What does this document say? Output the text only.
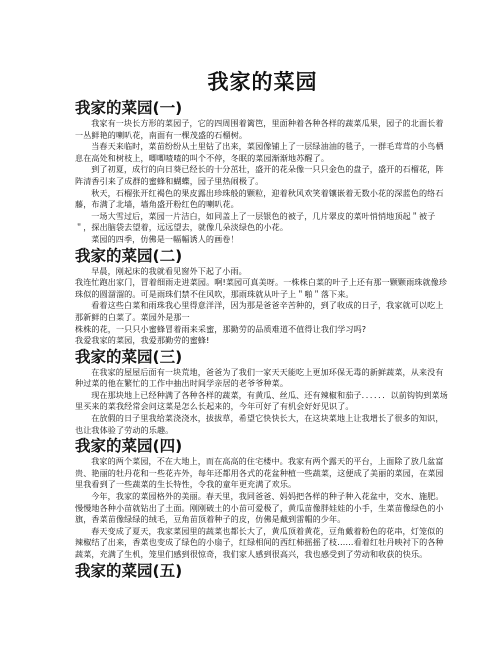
我家的菜园
我家的菜园(一)

我家有一块长方形的菜园子，它的四周围着篱笆，里面种着各种各样的蔬菜瓜果，园子的北面长着一丛鲜艳的喇叭花，南面有一棵茂盛的石榴树。

当春天来临时，菜苗纷纷从土里钻了出来，菜园像铺上了一层绿油油的毯子，一群毛茸茸的小鸟栖息在高处和树枝上，唧唧喳喳的叫个不停，冬眠的菜园渐渐地苏醒了。

到了初夏，成行的向日葵已经长的十分茁壮，盛开的花朵像一只只金色的盘子，盛开的石榴花，阵阵清香引来了成群的蜜蜂和蝴蝶，园子里热闹极了。

秋天，石榴张开红褐色的果皮露出珍珠般的颗粒，迎着秋风欢笑着镶嵌着无数小花的深蓝色的络石藤，布满了北墙，墙角盛开粉红色的喇叭花。

一场大雪过后，菜园一片洁白，如同盖上了一层银色的被子，几片翠皮的菜叶悄悄地顶起＂被子＂，探出脑袋去望着，远远望去，就像几朵淡绿色的小花。

菜园的四季，仿佛是一幅幅诱人的画卷！

我家的菜园(二)

早晨，刚起床的我就看见窗外下起了小雨。

我连忙跑出家门，冒着细雨走进菜园。啊!菜园可真美呀。一株株白菜的叶子上还有那一颗颗雨珠就像珍珠似的圆溜溜的。可是雨珠们禁不住风吹，那雨珠就从叶子上＂啪＂落下来。

看着这些白菜和雨珠我心里得意洋洋，因为那是爸爸辛苦种的，到了收成的日子，我家就可以吃上那新鲜的白菜了。菜园外是那一

株株的花，一只只小蜜蜂冒着雨来采蜜，那勤劳的品质难道不值得让我们学习吗?

我爱我家的菜园，我爱那勤劳的蜜蜂!

我家的菜园(三)

在我家的屋屋后面有一块荒地，爸爸为了我们一家天天能吃上更加环保无毒的新鲜蔬菜，从来没有种过菜的他在繁忙的工作中抽出时间学亲居的老爷爷种菜。

现在那块地上已经种满了各种各样的蔬菜，有黄瓜、丝瓜、还有辣椒和茄子．．．．．．以前钩钩到菜场里买来的菜我经常会问这菜是怎么长起来的，今年可好了有机会好好见识了。

在放假的日子里我给菜浇浇水，拔拔草，希望它快快长大，在这块菜地上让我增长了很多的知识，也让我体验了劳动的乐趣。

我家的菜园(四)

我家的两个菜园，不在大地上，而在高高的住宅楼中。我家有两个露天的平台，上面除了放几盆富贵、艳丽的牡丹花和一些花卉外，每年还都用各式的花盆种植一些蔬菜，这便成了美丽的菜园，在菜园里我看到了一些蔬菜的生长特性，令我的童年更充满了欢乐。

今年，我家的菜园格外的美丽。春天里，我同爸爸、妈妈把各样的种子种入花盆中，交水、施肥。慢慢地各种小苗就钻出了土面。刚刚破土的小苗可爱极了，黄瓜苗像胖娃娃的小手，生菜苗像绿色的小旗，香菜苗像绿绿的绒毛，豆角苗顶着种子的皮，仿佛是戴到雷帽的少年。

春天变成了夏天，我家菜园里的蔬菜也都长大了，黄瓜顶着黄花，豆角戴着粉色的花串，灯笼似的辣椒结了出来，香菜也变成了绿色的小扇子，红绿相间的西红柿摇摇了枝……看着红牡丹映衬下的各种蔬菜，充满了生机，笼里们感到很惊奇，我们家人感到很高兴，我也感受到了劳动和收获的快乐。

我家的菜园(五)
